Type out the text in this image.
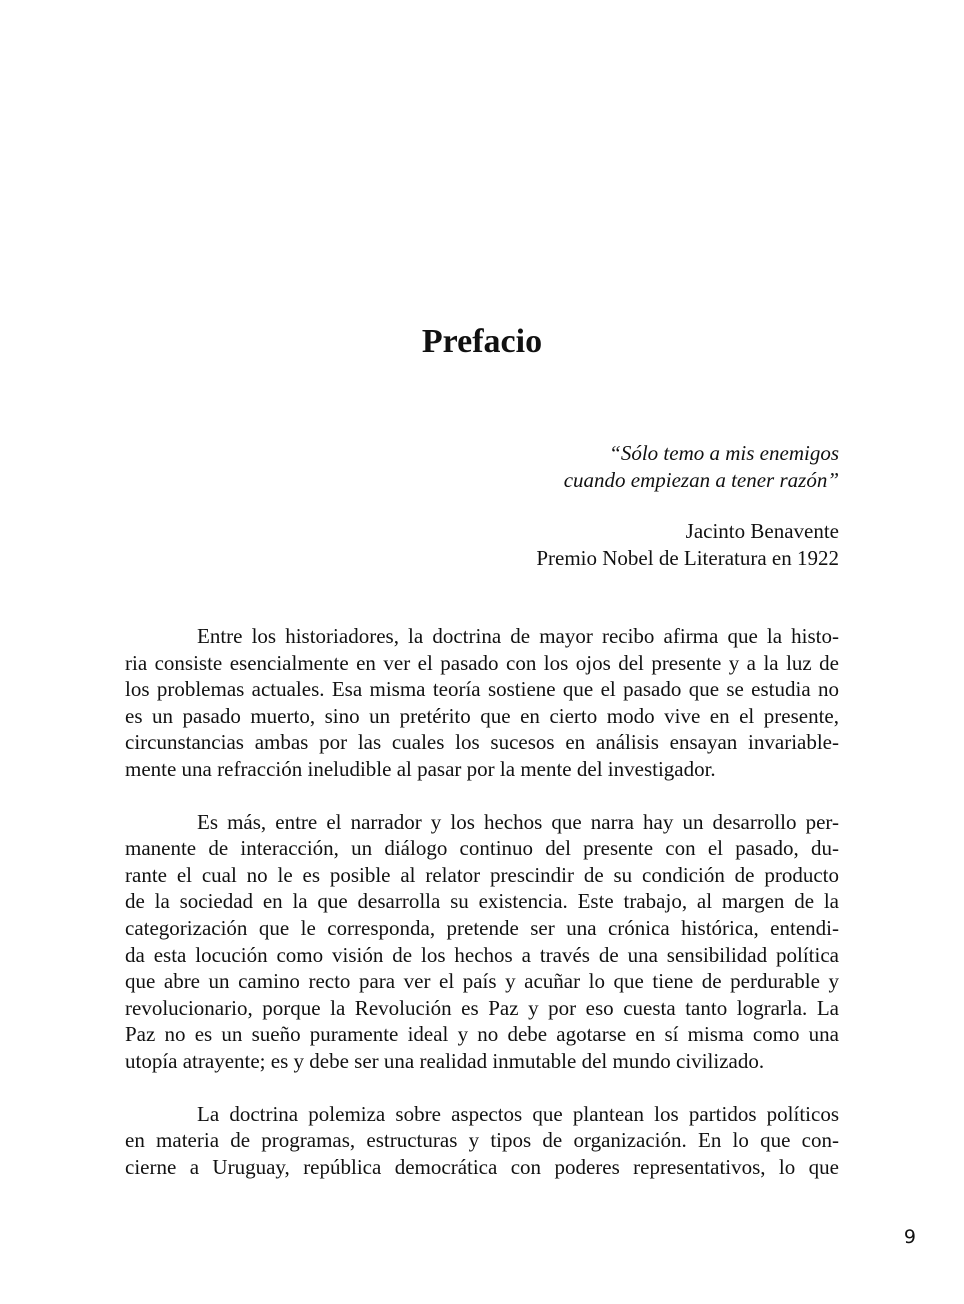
Prefacio
“Sólo temo a mis enemigos
cuando empiezan a tener razón”
Jacinto Benavente
Premio Nobel de Literatura en 1922

Entre los historiadores, la doctrina de mayor recibo afirma que la histo-
ria consiste esencialmente en ver el pasado con los ojos del presente y a la luz de
los problemas actuales. Esa misma teoría sostiene que el pasado que se estudia no
es un pasado muerto, sino un pretérito que en cierto modo vive en el presente,
circunstancias ambas por las cuales los sucesos en análisis ensayan invariable-
mente una refracción ineludible al pasar por la mente del investigador.

Es más, entre el narrador y los hechos que narra hay un desarrollo per-
manente de interacción, un diálogo continuo del presente con el pasado, du-
rante el cual no le es posible al relator prescindir de su condición de producto
de la sociedad en la que desarrolla su existencia. Este trabajo, al margen de la
categorización que le corresponda, pretende ser una crónica histórica, entendi-
da esta locución como visión de los hechos a través de una sensibilidad política
que abre un camino recto para ver el país y acuñar lo que tiene de perdurable y
revolucionario, porque la Revolución es Paz y por eso cuesta tanto lograrla. La
Paz no es un sueño puramente ideal y no debe agotarse en sí misma como una
utopía atrayente; es y debe ser una realidad inmutable del mundo civilizado.

La doctrina polemiza sobre aspectos que plantean los partidos políticos
en materia de programas, estructuras y tipos de organización. En lo que con-
cierne a Uruguay, república democrática con poderes representativos, lo que

9
